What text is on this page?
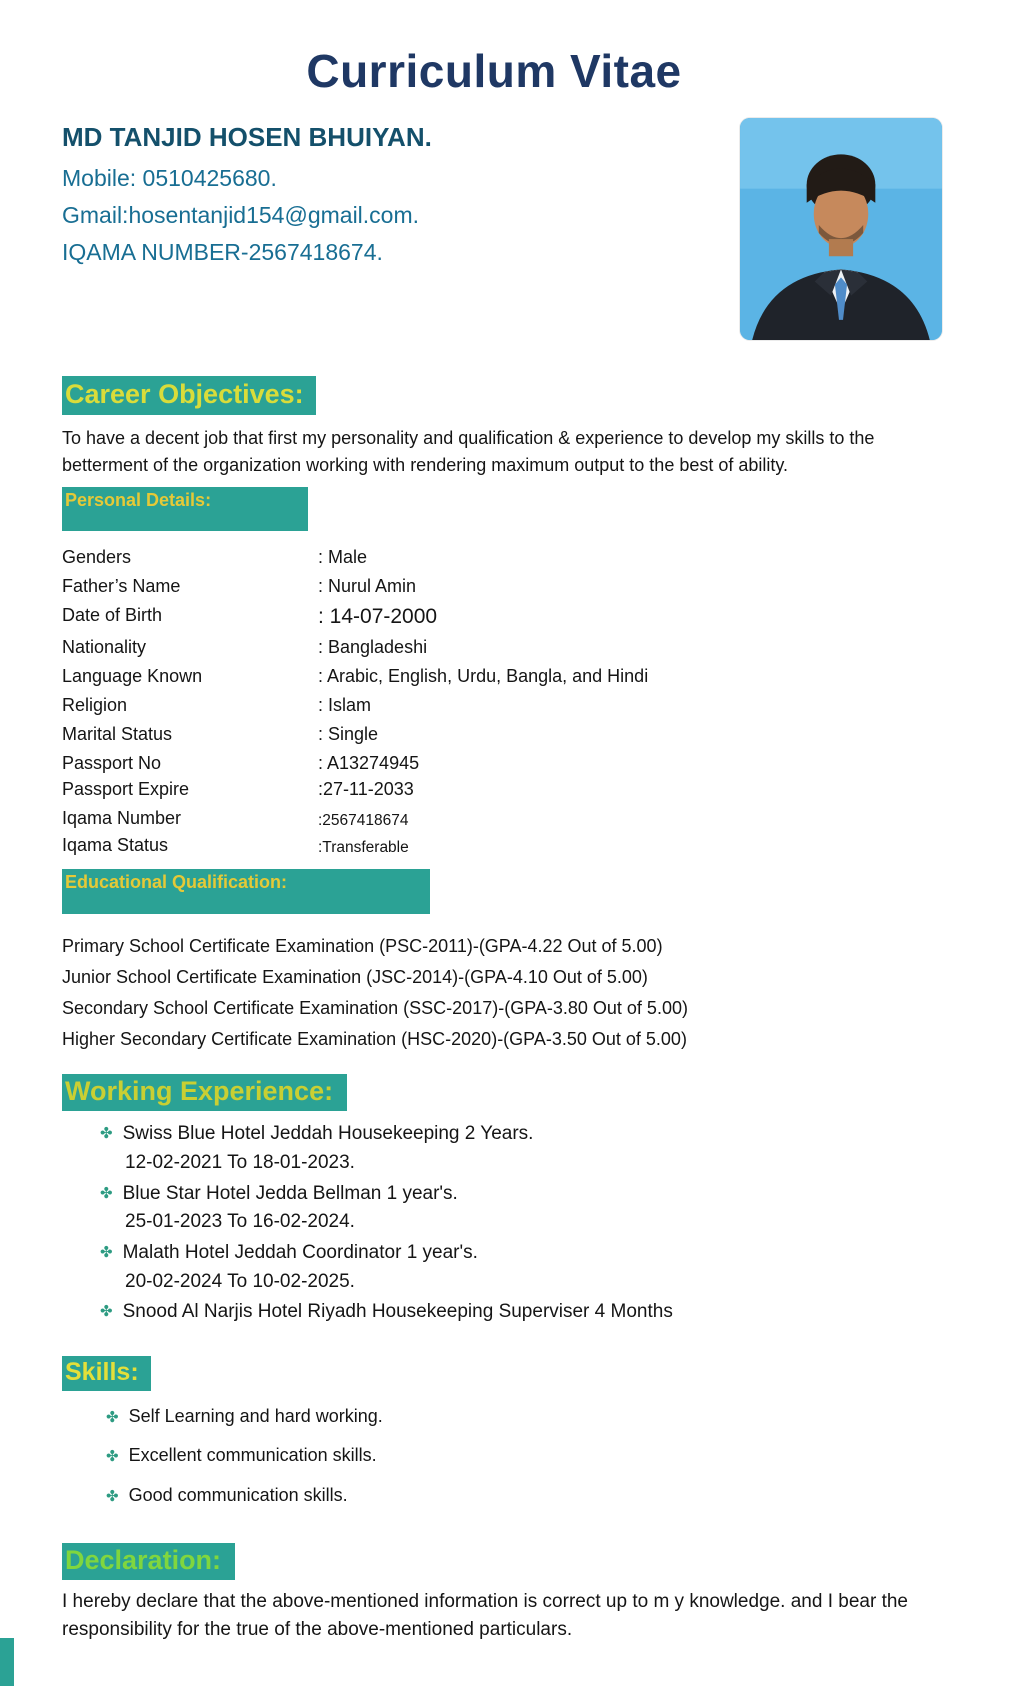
Curriculum Vitae
MD TANJID HOSEN BHUIYAN.
Mobile: 0510425680.
Gmail:hosentanjid154@gmail.com.
IQAMA NUMBER-2567418674.
Career Objectives:

To have a decent job that first my personality and qualification & experience to develop my skills to the betterment of the organization working with rendering maximum output to the best of ability.

Personal Details:
Genders	: Male
Father’s Name	: Nurul Amin
Date of Birth	: 14-07-2000
Nationality	: Bangladeshi
Language Known	: Arabic, English, Urdu, Bangla, and Hindi
Religion	: Islam
Marital Status	: Single
Passport No	: A13274945
Passport Expire	:27-11-2033
Iqama Number	:2567418674
Iqama Status	:Transferable
Educational Qualification:
Primary School Certificate Examination (PSC-2011)-(GPA-4.22 Out of 5.00)
Junior School Certificate Examination (JSC-2014)-(GPA-4.10 Out of 5.00)
Secondary School Certificate Examination (SSC-2017)-(GPA-3.80 Out of 5.00)
Higher Secondary Certificate Examination (HSC-2020)-(GPA-3.50 Out of 5.00)
Working Experience:
✤ Swiss Blue Hotel Jeddah Housekeeping 2 Years.
12-02-2021 To 18-01-2023.
✤ Blue Star Hotel Jedda Bellman 1 year's.
25-01-2023 To 16-02-2024.
✤ Malath Hotel Jeddah Coordinator 1 year's.
20-02-2024 To 10-02-2025.
✤ Snood Al Narjis Hotel Riyadh Housekeeping Superviser 4 Months
Skills:
✤ Self Learning and hard working.
✤ Excellent communication skills.
✤ Good communication skills.
Declaration:

I hereby declare that the above-mentioned information is correct up to m y knowledge. and I bear the responsibility for the true of the above-mentioned particulars.
